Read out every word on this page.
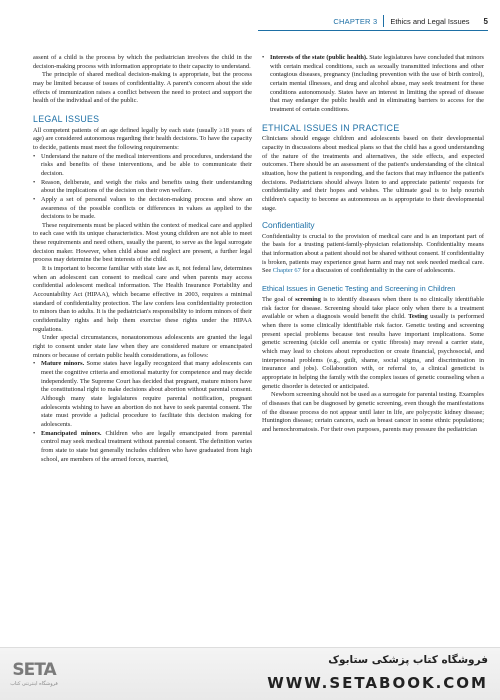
CHAPTER 3 Ethics and Legal Issues 5

assent of a child is the process by which the pediatrician involves the child in the decision-making process with information appropriate to their capacity to understand.

The principle of shared medical decision-making is appropriate, but the process may be limited because of issues of confidentiality. A parent's concern about the side effects of immunization raises a conflict between the need to protect and support the health of the individual and of the public.

LEGAL ISSUES

All competent patients of an age defined legally by each state (usually ≥18 years of age) are considered autonomous regarding their health decisions. To have the capacity to decide, patients must meet the following requirements:

• Understand the nature of the medical interventions and procedures, understand the risks and benefits of these interventions, and be able to communicate their decision.
• Reason, deliberate, and weigh the risks and benefits using their understanding about the implications of the decision on their own welfare.
• Apply a set of personal values to the decision-making process and show an awareness of the possible conflicts or differences in values as applied to the decisions to be made.

These requirements must be placed within the context of medical care and applied to each case with its unique characteristics. Most young children are not able to meet these requirements and need others, usually the parent, to serve as the legal surrogate decision maker. However, when child abuse and neglect are present, a further legal process may determine the best interests of the child.

It is important to become familiar with state law as it, not federal law, determines when an adolescent can consent to medical care and when parents may access confidential adolescent medical information. The Health Insurance Portability and Accountability Act (HIPAA), which became effective in 2003, requires a minimal standard of confidentiality protection. The law confers less confidentiality protection to minors than to adults. It is the pediatrician's responsibility to inform minors of their confidentiality rights and help them exercise these rights under the HIPAA regulations.

Under special circumstances, nonautonomous adolescents are granted the legal right to consent under state law when they are considered mature or emancipated minors or because of certain public health considerations, as follows:

• Mature minors. Some states have legally recognized that many adolescents can meet the cognitive criteria and emotional maturity for competence and may decide independently. The Supreme Court has decided that pregnant, mature minors have the constitutional right to make decisions about abortion without parental consent. Although many state legislatures require parental notification, pregnant adolescents wishing to have an abortion do not have to seek parental consent. The state must provide a judicial procedure to facilitate this decision making for adolescents.
• Emancipated minors. Children who are legally emancipated from parental control may seek medical treatment without parental consent. The definition varies from state to state but generally includes children who have graduated from high school, are members of the armed forces, married,
• Interests of the state (public health). State legislatures have concluded that minors with certain medical conditions, such as sexually transmitted infections and other contagious diseases, pregnancy (including prevention with the use of birth control), certain mental illnesses, and drug and alcohol abuse, may seek treatment for these conditions autonomously. States have an interest in limiting the spread of disease that may endanger the public health and in eliminating barriers to access for the treatment of certain conditions.
ETHICAL ISSUES IN PRACTICE

Clinicians should engage children and adolescents based on their developmental capacity in discussions about medical plans so that the child has a good understanding of the nature of the treatments and alternatives, the side effects, and expected outcomes. There should be an assessment of the patient's understanding of the clinical situation, how the patient is responding, and the factors that may influence the patient's decisions. Pediatricians should always listen to and appreciate patients' requests for confidentiality and their hopes and wishes. The ultimate goal is to help nourish children's capacity to become as autonomous as is appropriate to their developmental stage.

Confidentiality

Confidentiality is crucial to the provision of medical care and is an important part of the basis for a trusting patient-family-physician relationship. Confidentiality means that information about a patient should not be shared without consent. If confidentiality is broken, patients may experience great harm and may not seek needed medical care. See Chapter 67 for a discussion of confidentiality in the care of adolescents.

Ethical Issues in Genetic Testing and Screening in Children

The goal of screening is to identify diseases when there is no clinically identifiable risk factor for disease. Screening should take place only when there is a treatment available or when a diagnosis would benefit the child. Testing usually is performed when there is some clinically identifiable risk factor. Genetic testing and screening present special problems because test results have important implications. Some genetic screening (sickle cell anemia or cystic fibrosis) may reveal a carrier state, which may lead to choices about reproduction or create financial, psychosocial, and interpersonal problems (e.g., guilt, shame, social stigma, and discrimination in insurance and jobs). Collaboration with, or referral to, a clinical geneticist is appropriate in helping the family with the complex issues of genetic counseling when a genetic disorder is detected or anticipated.

Newborn screening should not be used as a surrogate for parental testing. Examples of diseases that can be diagnosed by genetic screening, even though the manifestations of the disease process do not appear until later in life, are polycystic kidney disease; Huntington disease; certain cancers, such as breast cancer in some ethnic populations; and hemochromatosis. For their own purposes, parents may pressure the pediatrician

SETA
فروشگاه اینترنتی کتاب
فروشگاه کتاب پزشکی ستابوک
WWW.SETABOOK.COM
